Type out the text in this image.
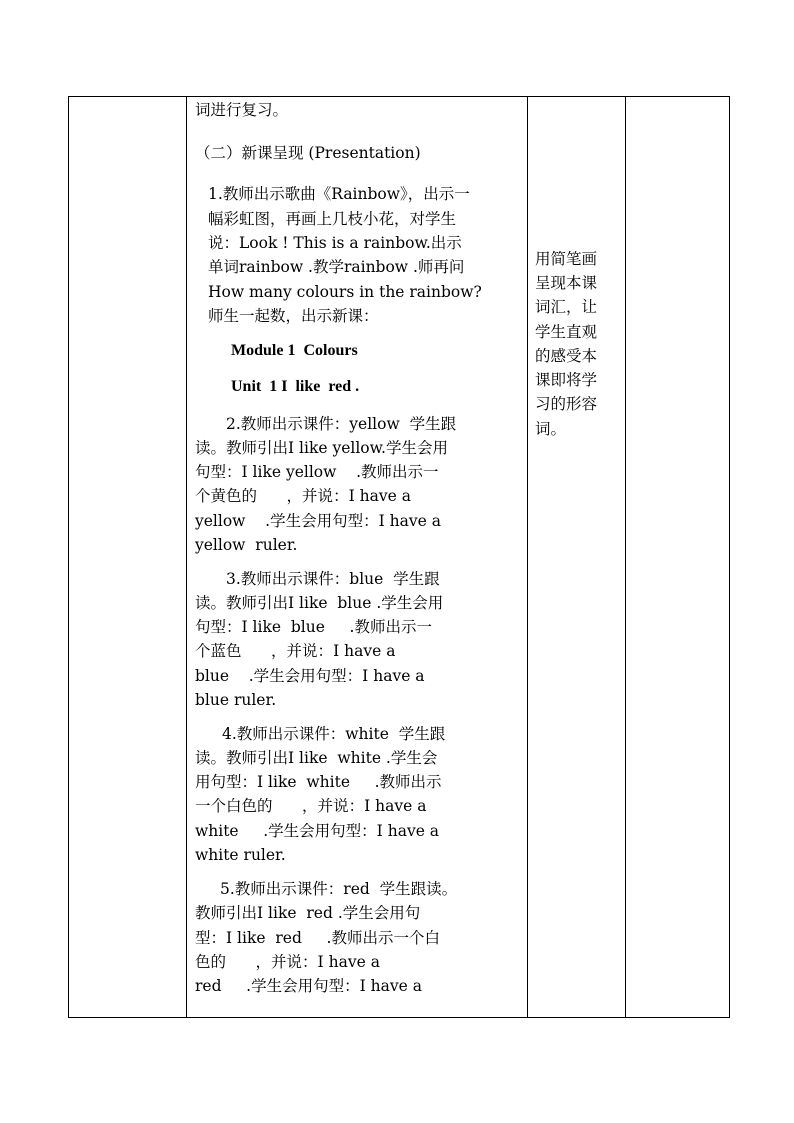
词进行复习。
（二）新课呈现 (Presentation)
1.教师出示歌曲《Rainbow》，出示一
幅彩虹图，再画上几枝小花，对学生
说：Look ! This is a rainbow.出示
单词rainbow .教学rainbow .师再问
How many colours in the rainbow?
师生一起数，出示新课：
Module 1  Colours
Unit  1 I  like  red .
2.教师出示课件：yellow  学生跟
读。教师引出I like yellow.学生会用
句型：I like yellow    .教师出示一
个黄色的      ，并说：I have a
yellow    .学生会用句型：I have a
yellow  ruler.
3.教师出示课件：blue  学生跟
读。教师引出I like  blue .学生会用
句型：I like  blue     .教师出示一
个蓝色      ，并说：I have a
blue    .学生会用句型：I have a
blue ruler.
4.教师出示课件：white  学生跟
读。教师引出I like  white .学生会
用句型：I like  white     .教师出示
一个白色的      ，并说：I have a
white     .学生会用句型：I have a
white ruler.
5.教师出示课件：red  学生跟读。
教师引出I like  red .学生会用句
型：I like  red     .教师出示一个白
色的      ，并说：I have a
red     .学生会用句型：I have a
用简笔画
呈现本课
词汇，让
学生直观
的感受本
课即将学
习的形容
词。
